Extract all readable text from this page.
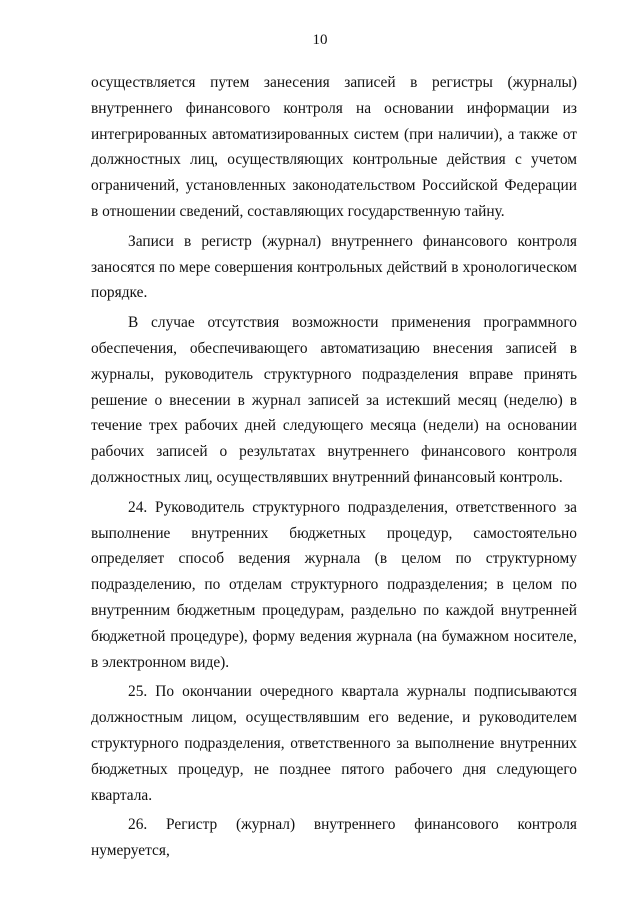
10

осуществляется путем занесения записей в регистры (журналы) внутреннего финансового контроля на основании информации из интегрированных автоматизированных систем (при наличии), а также от должностных лиц, осуществляющих контрольные действия с учетом ограничений, установленных законодательством Российской Федерации в отношении сведений, составляющих государственную тайну.

Записи в регистр (журнал) внутреннего финансового контроля заносятся по мере совершения контрольных действий в хронологическом порядке.

В случае отсутствия возможности применения программного обеспечения, обеспечивающего автоматизацию внесения записей в журналы, руководитель структурного подразделения вправе принять решение о внесении в журнал записей за истекший месяц (неделю) в течение трех рабочих дней следующего месяца (недели) на основании рабочих записей о результатах внутреннего финансового контроля должностных лиц, осуществлявших внутренний финансовый контроль.

24. Руководитель структурного подразделения, ответственного за выполнение внутренних бюджетных процедур, самостоятельно определяет способ ведения журнала (в целом по структурному подразделению, по отделам структурного подразделения; в целом по внутренним бюджетным процедурам, раздельно по каждой внутренней бюджетной процедуре), форму ведения журнала (на бумажном носителе, в электронном виде).

25. По окончании очередного квартала журналы подписываются должностным лицом, осуществлявшим его ведение, и руководителем структурного подразделения, ответственного за выполнение внутренних бюджетных процедур, не позднее пятого рабочего дня следующего квартала.

26. Регистр (журнал) внутреннего финансового контроля нумеруется,
